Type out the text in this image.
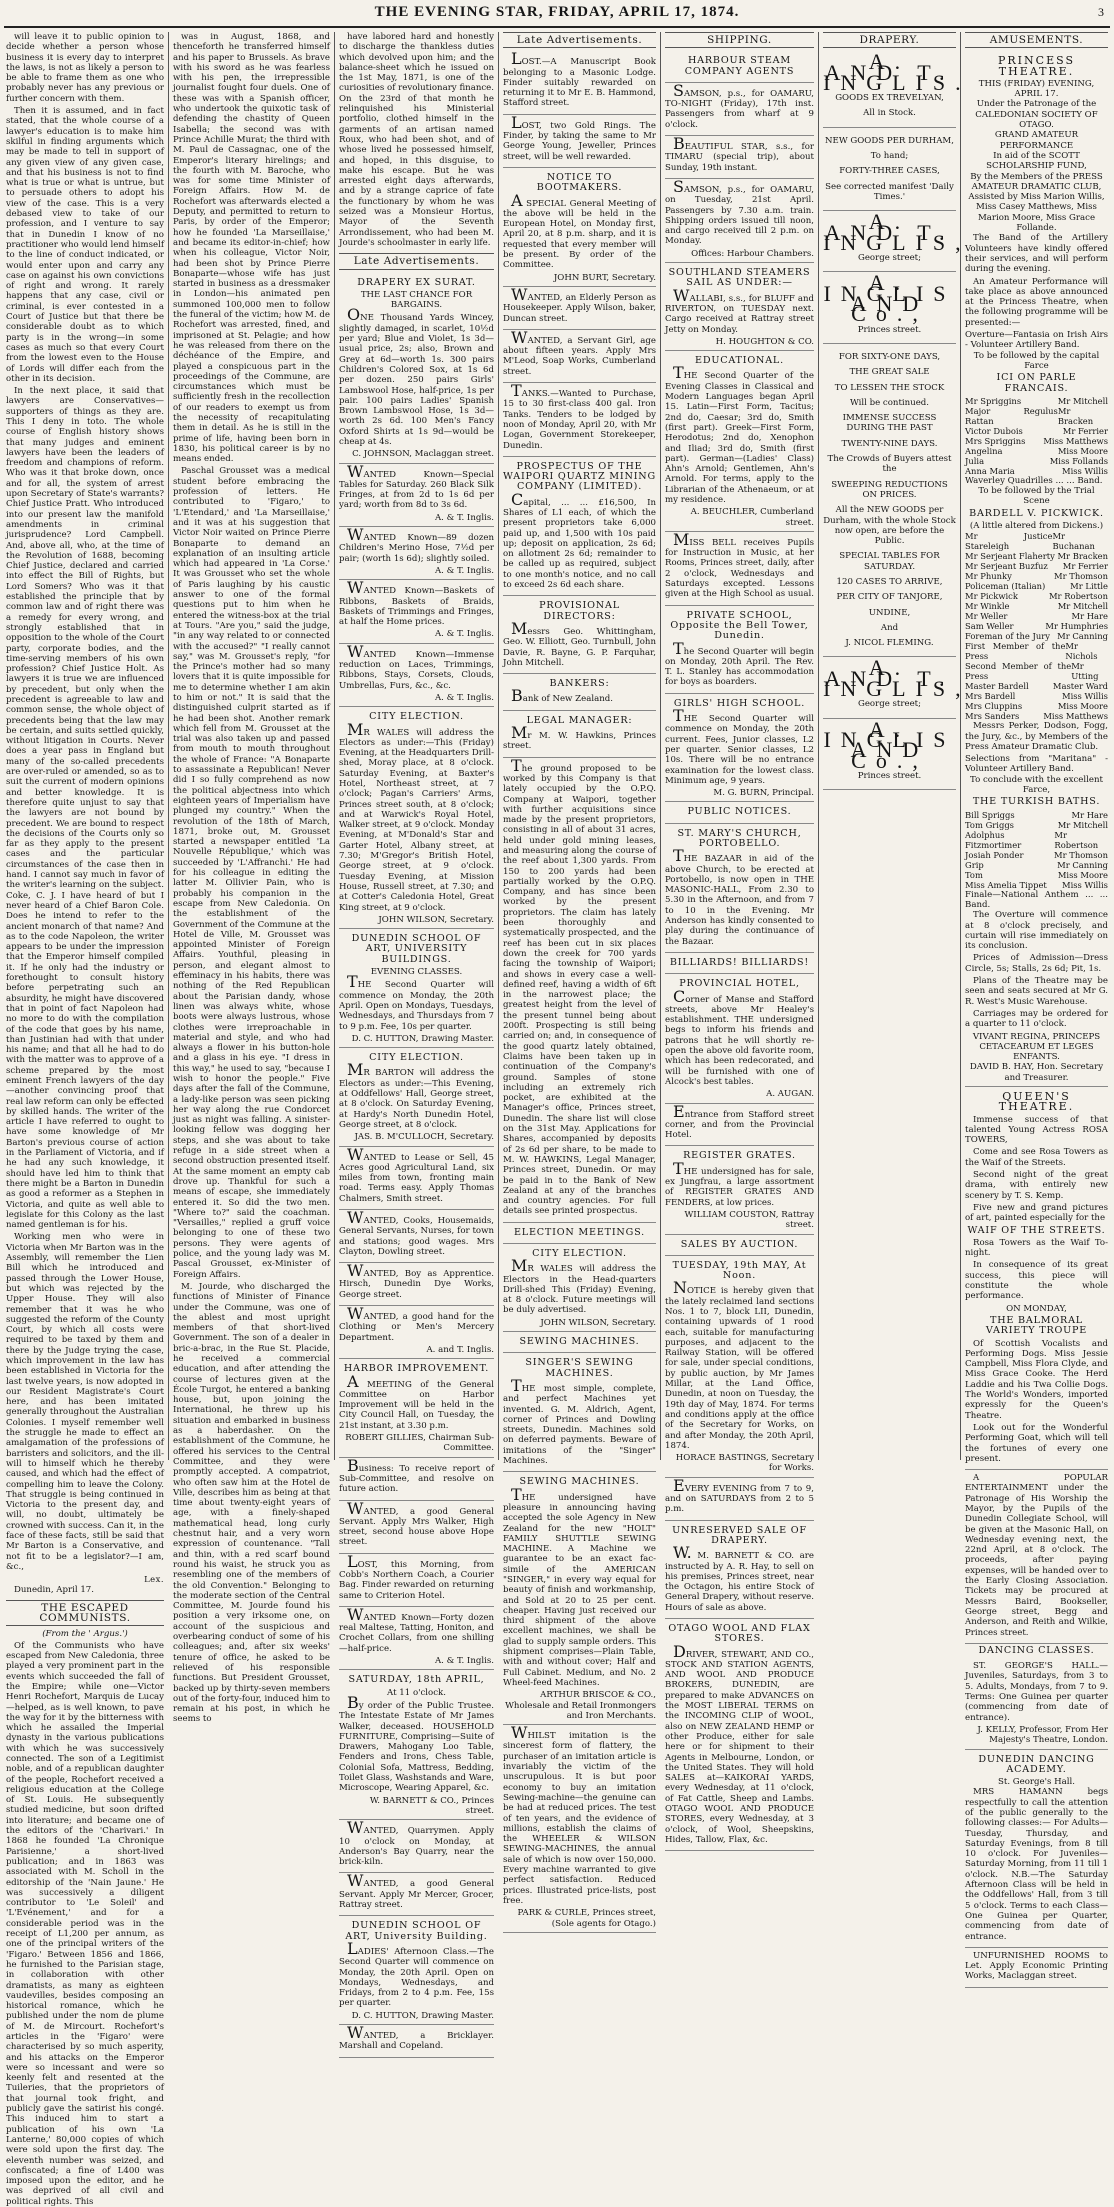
THE EVENING STAR, FRIDAY, APRIL 17, 1874.	3

will leave it to public opinion to decide whether a person whose business it is every day to interpret the laws, is not as likely a person to be able to frame them as one who probably never has any previous or further concern with them.

Then it is assumed, and in fact stated, that the whole course of a lawyer's education is to make him skilful in finding arguments which may be made to tell in support of any given view of any given case, and that his business is not to find what is true or what is untrue, but to persuade others to adopt his view of the case. This is a very debased view to take of our profession, and I venture to say that in Dunedin I know of no practitioner who would lend himself to the line of conduct indicated, or would enter upon and carry any case on against his own convictions of right and wrong. It rarely happens that any case, civil or criminal, is ever contested in a Court of Justice but that there be considerable doubt as to which party is in the wrong—in some cases as much so that every Court from the lowest even to the House of Lords will differ each from the other in its decision.

In the next place, it said that lawyers are Conservatives—supporters of things as they are. This I deny in toto. The whole course of English history shows that many judges and eminent lawyers have been the leaders of freedom and champions of reform. Who was it that broke down, once and for all, the system of arrest upon Secretary of State's warrants? Chief Justice Pratt. Who introduced into our present law the manifold amendments in criminal jurisprudence? Lord Campbell. And, above all, who, at the time of the Revolution of 1688, becoming Chief Justice, declared and carried into effect the Bill of Rights, but Lord Somers? Who was it that established the principle that by common law and of right there was a remedy for every wrong, and strongly established that in opposition to the whole of the Court party, corporate bodies, and the time-serving members of his own profession? Chief Justice Holt. As lawyers it is true we are influenced by precedent, but only when the precedent is agreeable to law and common sense, the whole object of precedents being that the law may be certain, and suits settled quickly, without litigation in Courts. Never does a year pass in England but many of the so-called precedents are over-ruled or amended, so as to suit the current of modern opinions and better knowledge. It is therefore quite unjust to say that the lawyers are not bound by precedent. We are bound to respect the decisions of the Courts only so far as they apply to the present cases and the particular circumstances of the case then in hand. I cannot say much in favor of the writer's learning on the subject. Coke, C. J. I have heard of but I never heard of a Chief Baron Cole. Does he intend to refer to the ancient monarch of that name? And as to the code Napoleon, the writer appears to be under the impression that the Emperor himself compiled it. If he only had the industry or forethought to consult history before perpetrating such an absurdity, he might have discovered that in point of fact Napoleon had no more to do with the compilation of the code that goes by his name, than Justinian had with that under his name; and that all he had to do with the matter was to approve of a scheme prepared by the most eminent French lawyers of the day—another convincing proof that real law reform can only be effected by skilled hands. The writer of the article I have referred to ought to have some knowledge of Mr Barton's previous course of action in the Parliament of Victoria, and if he had any such knowledge, it should have led him to think that there might be a Barton in Dunedin as good a reformer as a Stephen in Victoria, and quite as well able to legislate for this Colony as the last named gentleman is for his.

Working men who were in Victoria when Mr Barton was in the Assembly, will remember the Lien Bill which he introduced and passed through the Lower House, but which was rejected by the Upper House. They will also remember that it was he who suggested the reform of the County Court, by which all costs were required to be taxed by them and there by the Judge trying the case, which improvement in the law has been established in Victoria for the last twelve years, is now adopted in our Resident Magistrate's Court here, and has been imitated generally throughout the Australian Colonies. I myself remember well the struggle he made to effect an amalgamation of the professions of barristers and solicitors, and the ill-will to himself which he thereby caused, and which had the effect of compelling him to leave the Colony. That struggle is being continued in Victoria to the present day, and will, no doubt, ultimately be crowned with success. Can it, in the face of these facts, still be said that Mr Barton is a Conservative, and not fit to be a legislator?—I am, &c.,

Lex.
Dunedin, April 17.
THE ESCAPED COMMUNISTS.
(From the ' Argus.')

Of the Communists who have escaped from New Caledonia, three played a very prominent part in the events which succeeded the fall of the Empire; while one—Victor Henri Rochefort, Marquis de Lucay—helped, as is well known, to pave the way for it by the bitterness with which he assailed the Imperial dynasty in the various publications with which he was successively connected. The son of a Legitimist noble, and of a republican daughter of the people, Rochefort received a religious education at the College of St. Louis. He subsequently studied medicine, but soon drifted into literature; and became one of the editors of the 'Charivari.' In 1868 he founded 'La Chronique Parisienne,' a short-lived publication; and in 1863 was associated with M. Scholl in the editorship of the 'Nain Jaune.' He was successively a diligent contributor to 'Le Soleil' and 'L'Evénement,' and for a considerable period was in the receipt of L1,200 per annum, as one of the principal writers of the 'Figaro.' Between 1856 and 1866, he furnished to the Parisian stage, in collaboration with other dramatists, as many as eighteen vaudevilles, besides composing an historical romance, which he published under the nom de plume of M. de Mircourt. Rochefort's articles in the 'Figaro' were characterised by so much asperity, and his attacks on the Emperor were so incessant and were so keenly felt and resented at the Tuileries, that the proprietors of that journal took fright, and publicly gave the satirist his congé. This induced him to start a publication of his own 'La Lanterne,' 80,000 copies of which were sold upon the first day. The eleventh number was seized, and confiscated; a fine of L400 was imposed upon the editor, and he was deprived of all civil and political rights. This

was in August, 1868, and thenceforth he transferred himself and his paper to Brussels. As brave with his sword as he was fearless with his pen, the irrepressible journalist fought four duels. One of these was with a Spanish officer, who undertook the quixotic task of defending the chastity of Queen Isabella; the second was with Prince Achille Murat; the third with M. Paul de Cassagnac, one of the Emperor's literary hirelings; and the fourth with M. Baroche, who was for some time Minister of Foreign Affairs. How M. de Rochefort was afterwards elected a Deputy, and permitted to return to Paris, by order of the Emperor; how he founded 'La Marseillaise,' and became its editor-in-chief; how when his colleague, Victor Noir, had been shot by Prince Pierre Bonaparte—whose wife has just started in business as a dressmaker in London—his animated pen summoned 100,000 men to follow the funeral of the victim; how M. de Rochefort was arrested, fined, and imprisoned at St. Pelagie; and how he was released from there on the déchéance of the Empire, and played a conspicuous part in the proceedings of the Commune, are circumstances which must be sufficiently fresh in the recollection of our readers to exempt us from the necessity of recapitulating them in detail. As he is still in the prime of life, having been born in 1830, his political career is by no means ended.

Paschal Grousset was a medical student before embracing the profession of letters. He contributed to 'Figaro,' to 'L'Etendard,' and 'La Marseillaise,' and it was at his suggestion that Victor Noir waited on Prince Pierre Bonaparte to demand an explanation of an insulting article which had appeared in 'La Corse.' It was Grousset who set the whole of Paris laughing by his caustic answer to one of the formal questions put to him when he entered the witness-box at the trial at Tours. "Are you," said the judge, "in any way related to or connected with the accused?" "I really cannot say," was M. Grousset's reply, "for the Prince's mother had so many lovers that it is quite impossible for me to determine whether I am akin to him or not." It is said that the distinguished culprit started as if he had been shot. Another remark which fell from M. Grousset at the trial was also taken up and passed from mouth to mouth throughout the whole of France: "A Bonaparte to assassinate a Republican! Never did I so fully comprehend as now the political abjectness into which eighteen years of Imperialism have plunged my country." When the revolution of the 18th of March, 1871, broke out, M. Grousset started a newspaper entitled 'La Nouvelle République,' which was succeeded by 'L'Affranchi.' He had for his colleague in editing the latter M. Ollivier Pain, who is probably his companion in the escape from New Caledonia. On the establishment of the Government of the Commune at the Hotel de Ville, M. Grousset was appointed Minister of Foreign Affairs. Youthful, pleasing in person, and elegant almost to effeminacy in his habits, there was nothing of the Red Republican about the Parisian dandy, whose linen was always white, whose boots were always lustrous, whose clothes were irreproachable in material and style, and who had always a flower in his button-hole and a glass in his eye. "I dress in this way," he used to say, "because I wish to honor the people." Five days after the fall of the Commune, a lady-like person was seen picking her way along the rue Condorcet just as night was falling. A sinister-looking fellow was dogging her steps, and she was about to take refuge in a side street when a second obstruction presented itself. At the same moment an empty cab drove up. Thankful for such a means of escape, she immediately entered it. So did the two men. "Where to?" said the coachman. "Versailles," replied a gruff voice belonging to one of these two persons. They were agents of police, and the young lady was M. Pascal Grousset, ex-Minister of Foreign Affairs.

M. Jourde, who discharged the functions of Minister of Finance under the Commune, was one of the ablest and most upright members of that short-lived Government. The son of a dealer in bric-a-brac, in the Rue St. Placide, he received a commercial education, and after attending the course of lectures given at the École Turgot, he entered a banking house, but, upon joining the International, he threw up his situation and embarked in business as a haberdasher. On the establishment of the Commune, he offered his services to the Central Committee, and they were promptly accepted. A compatriot, who often saw him at the Hotel de Ville, describes him as being at that time about twenty-eight years of age, with a finely-shaped mathematical head, long curly chestnut hair, and a very worn expression of countenance. "Tall and thin, with a red scarf bound round his waist, he struck you as resembling one of the members of the old Convention." Belonging to the moderate section of the Central Committee, M. Jourde found his position a very irksome one, on account of the suspicious and overbearing conduct of some of his colleagues; and, after six weeks' tenure of office, he asked to be relieved of his responsible functions. But President Grousset, backed up by thirty-seven members out of the forty-four, induced him to remain at his post, in which he seems to

have labored hard and honestly to discharge the thankless duties which devolved upon him; and the balance-sheet which he issued on the 1st May, 1871, is one of the curiosities of revolutionary finance. On the 23rd of that month he relinquished his Ministerial portfolio, clothed himself in the garments of an artisan named Roux, who had been shot, and of whose lived he possessed himself, and hoped, in this disguise, to make his escape. But he was arrested eight days afterwards, and by a strange caprice of fate the functionary by whom he was seized was a Monsieur Hortus, Mayor of the Seventh Arrondissement, who had been M. Jourde's schoolmaster in early life.

Late Advertisements.
DRAPERY EX SURAT.
THE LAST CHANCE FOR BARGAINS.

ONE Thousand Yards Wincey, slightly damaged, in scarlet, 10½d per yard; Blue and Violet, 1s 3d—usual price, 2s; also, Brown and Grey at 6d—worth 1s. 300 pairs Children's Colored Sox, at 1s 6d per dozen. 250 pairs Girls' Lambswool Hose, half-price, 1s per pair. 100 pairs Ladies' Spanish Brown Lambswool Hose, 1s 3d—worth 2s 6d. 100 Men's Fancy Oxford Shirts at 1s 9d—would be cheap at 4s.

C. JOHNSON, Maclaggan street.

WANTED Known—Special Tables for Saturday. 260 Black Silk Fringes, at from 2d to 1s 6d per yard; worth from 8d to 3s 6d.

A. & T. Inglis.

WANTED Known—89 dozen Children's Merino Hose, 7½d per pair; (worth 1s 6d); slightly soiled.

A. & T. Inglis.

WANTED Known—Baskets of Ribbons, Baskets of Braids, Baskets of Trimmings and Fringes, at half the Home prices.

A. & T. Inglis.

WANTED Known—Immense reduction on Laces, Trimmings, Ribbons, Stays, Corsets, Clouds, Umbrellas, Furs, &c., &c.

A. & T. Inglis.
CITY ELECTION.

MR WALES will address the Electors as under:—This (Friday) Evening, at the Headquarters Drill-shed, Moray place, at 8 o'clock. Saturday Evening, at Baxter's Hotel, Northeast street, at 7 o'clock; Pagan's Carriers' Arms, Princes street south, at 8 o'clock; and at Warwick's Royal Hotel, Walker street, at 9 o'clock. Monday Evening, at M'Donald's Star and Garter Hotel, Albany street, at 7.30; M'Gregor's British Hotel, George street, at 9 o'clock. Tuesday Evening, at Mission House, Russell street, at 7.30; and at Cotter's Caledonia Hotel, Great King street, at 9 o'clock.

JOHN WILSON, Secretary.
DUNEDIN SCHOOL OF ART, UNIVERSITY BUILDINGS.
EVENING CLASSES.

THE Second Quarter will commence on Monday, the 20th April. Open on Mondays, Tuesdays, Wednesdays, and Thursdays from 7 to 9 p.m. Fee, 10s per quarter.

D. C. HUTTON, Drawing Master.
CITY ELECTION.

MR BARTON will address the Electors as under:—This Evening, at Oddfellows' Hall, George street, at 8 o'clock. On Saturday Evening, at Hardy's North Dunedin Hotel, George street, at 8 o'clock.

JAS. B. M'CULLOCH, Secretary.

WANTED to Lease or Sell, 45 Acres good Agricultural Land, six miles from town, fronting main road. Terms easy. Apply Thomas Chalmers, Smith street.

WANTED, Cooks, Housemaids, General Servants, Nurses, for town and stations; good wages. Mrs Clayton, Dowling street.

WANTED, Boy as Apprentice. Hirsch, Dunedin Dye Works, George street.

WANTED, a good hand for the Clothing or Men's Mercery Department.

A. and T. Inglis.
HARBOR IMPROVEMENT.

A MEETING of the General Committee on Harbor Improvement will be held in the City Council Hall, on Tuesday, the 21st instant, at 3.30 p.m.

ROBERT GILLIES, Chairman Sub-Committee.

Business: To receive report of Sub-Committee, and resolve on future action.

WANTED, a good General Servant. Apply Mrs Walker, High street, second house above Hope street.

LOST, this Morning, from Cobb's Northern Coach, a Courier Bag. Finder rewarded on returning same to Criterion Hotel.

WANTED Known—Forty dozen real Maltese, Tatting, Honiton, and Crochet Collars, from one shilling—half-price.

A. & T. Inglis.
SATURDAY, 18th APRIL,
At 11 o'clock.

By order of the Public Trustee. The Intestate Estate of Mr James Walker, deceased. HOUSEHOLD FURNITURE, Comprising—Suite of Drawers, Mahogany Loo Table, Fenders and Irons, Chess Table, Colonial Sofa, Mattress, Bedding, Toilet Glass, Washstands and Ware, Microscope, Wearing Apparel, &c.

W. BARNETT & CO., Princes street.

WANTED, Quarrymen. Apply 10 o'clock on Monday, at Anderson's Bay Quarry, near the brick-kiln.

WANTED, a good General Servant. Apply Mr Mercer, Grocer, Rattray street.

DUNEDIN SCHOOL OF ART, University Building.

LADIES' Afternoon Class.—The Second Quarter will commence on Monday, the 20th April. Open on Mondays, Wednesdays, and Fridays, from 2 to 4 p.m. Fee, 15s per quarter.

D. C. HUTTON, Drawing Master.

WANTED, a Bricklayer. Marshall and Copeland.

Late Advertisements.

LOST.—A Manuscript Book belonging to a Masonic Lodge. Finder suitably rewarded on returning it to Mr E. B. Hammond, Stafford street.

LOST, two Gold Rings. The Finder, by taking the same to Mr George Young, Jeweller, Princes street, will be well rewarded.

NOTICE TO BOOTMAKERS.

A SPECIAL General Meeting of the above will be held in the European Hotel, on Monday first, April 20, at 8 p.m. sharp, and it is requested that every member will be present. By order of the Committee.

JOHN BURT, Secretary.

WANTED, an Elderly Person as Housekeeper. Apply Wilson, baker, Duncan street.

WANTED, a Servant Girl, age about fifteen years. Apply Mrs M'Leod, Soap Works, Cumberland street.

TANKS.—Wanted to Purchase, 15 to 30 first-class 400 gal. Iron Tanks. Tenders to be lodged by noon of Monday, April 20, with Mr Logan, Government Storekeeper, Dunedin.

PROSPECTUS OF THE WAIPORI QUARTZ MINING COMPANY (LIMITED).

Capital, ... ... £16,500, In Shares of L1 each, of which the present proprietors take 6,000 paid up, and 1,500 with 10s paid up; deposit on application, 2s 6d; on allotment 2s 6d; remainder to be called up as required, subject to one month's notice, and no call to exceed 2s 6d each share.

PROVISIONAL DIRECTORS:

Messrs Geo. Whittingham, Geo. W. Elliott, Geo. Turnbull, John Davie, R. Bayne, G. P. Farquhar, John Mitchell.

BANKERS:

Bank of New Zealand.

LEGAL MANAGER:

Mr M. W. Hawkins, Princes street.

The ground proposed to be worked by this Company is that lately occupied by the O.P.Q. Company at Waipori, together with further acquisitions since made by the present proprietors, consisting in all of about 31 acres, held under gold mining leases, and measuring along the course of the reef about 1,300 yards. From 150 to 200 yards had been partially worked by the O.P.Q. Company, and has since been worked by the present proprietors. The claim has lately been thoroughly and systematically prospected, and the reef has been cut in six places down the creek for 700 yards facing the township of Waipori; and shows in every case a well-defined reef, having a width of 6ft in the narrowest place; the greatest height from the level of the present tunnel being about 200ft. Prospecting is still being carried on; and, in consequence of the good quartz lately obtained, Claims have been taken up in continuation of the Company's ground. Samples of stone including an extremely rich pocket, are exhibited at the Manager's office, Princes street, Dunedin. The share list will close on the 31st May. Applications for Shares, accompanied by deposits of 2s 6d per share, to be made to M. W. HAWKINS, Legal Manager, Princes street, Dunedin. Or may be paid in to the Bank of New Zealand at any of the branches and country agencies. For full details see printed prospectus.

ELECTION MEETINGS.
CITY ELECTION.

MR WALES will address the Electors in the Head-quarters Drill-shed This (Friday) Evening, at 8 o'clock. Future meetings will be duly advertised.

JOHN WILSON, Secretary.
SEWING MACHINES.
SINGER'S SEWING MACHINES.

THE most simple, complete, and perfect Machines yet invented. G. M. Aldrich, Agent, corner of Princes and Dowling streets, Dunedin. Machines sold on deferred payments. Beware of imitations of the "Singer" Machines.

SEWING MACHINES.

THE undersigned have pleasure in announcing having accepted the sole Agency in New Zealand for the new "HOLT" FAMILY SHUTTLE SEWING MACHINE. A Machine we guarantee to be an exact fac-simile of the AMERICAN "SINGER," in every way equal for beauty of finish and workmanship, and Sold at 20 to 25 per cent. cheaper. Having just received our third shipment of the above excellent machines, we shall be glad to supply sample orders. This shipment comprises—Plain Table, with and without cover; Half and Full Cabinet. Medium, and No. 2 Wheel-feed Machines.

ARTHUR BRISCOE & CO., Wholesale and Retail Ironmongers and Iron Merchants.

WHILST imitation is the sincerest form of flattery, the purchaser of an imitation article is invariably the victim of the unscrupulous. It is but poor economy to buy an imitation Sewing-machine—the genuine can be had at reduced prices. The test of ten years, and the evidence of millions, establish the claims of the WHEELER & WILSON SEWING-MACHINES, the annual sale of which is now over 150,000. Every machine warranted to give perfect satisfaction. Reduced prices. Illustrated price-lists, post free.

PARK & CURLE, Princes street, (Sole agents for Otago.)
SHIPPING.
HARBOUR STEAM COMPANY AGENTS

SAMSON, p.s., for OAMARU, TO-NIGHT (Friday), 17th inst. Passengers from wharf at 9 o'clock.

BEAUTIFUL STAR, s.s., for TIMARU (special trip), about Sunday, 19th instant.

SAMSON, p.s., for OAMARU, on Tuesday, 21st April. Passengers by 7.30 a.m. train. Shipping orders issued till noon, and cargo received till 2 p.m. on Monday.

Offices: Harbour Chambers.
SOUTHLAND STEAMERS SAIL AS UNDER:—

WALLABI, s.s., for BLUFF and RIVERTON, on TUESDAY next. Cargo received at Rattray street Jetty on Monday.

H. HOUGHTON & CO.
EDUCATIONAL.

THE Second Quarter of the Evening Classes in Classical and Modern Languages began April 15. Latin—First Form, Tacitus; 2nd do, Caesar; 3rd do, Smith (first part). Greek—First Form, Herodotus; 2nd do, Xenophon and Iliad; 3rd do, Smith (first part). German—(Ladies' Class) Ahn's Arnold; Gentlemen, Ahn's Arnold. For terms, apply to the Librarian of the Athenaeum, or at my residence.

A. BEUCHLER, Cumberland street.

MISS BELL receives Pupils for Instruction in Music, at her Rooms, Princes street, daily, after 2 o'clock, Wednesdays and Saturdays excepted. Lessons given at the High School as usual.

PRIVATE SCHOOL, Opposite the Bell Tower, Dunedin.

The Second Quarter will begin on Monday, 20th April. The Rev. T. L. Stanley has accommodation for boys as boarders.

GIRLS' HIGH SCHOOL.

THE Second Quarter will commence on Monday, the 20th current. Fees, Junior classes, L2 per quarter. Senior classes, L2 10s. There will be no entrance examination for the lowest class. Minimum age, 9 years.

M. G. BURN, Principal.
PUBLIC NOTICES.
ST. MARY'S CHURCH, PORTOBELLO.

THE BAZAAR in aid of the above Church, to be erected at Portobello, is now open in THE MASONIC-HALL, From 2.30 to 5.30 in the Afternoon, and from 7 to 10 in the Evening. Mr Anderson has kindly consented to play during the continuance of the Bazaar.

BILLIARDS! BILLIARDS!
PROVINCIAL HOTEL,

Corner of Manse and Stafford streets, above Mr Healey's establishment. THE undersigned begs to inform his friends and patrons that he will shortly re-open the above old favorite room, which has been redecorated, and will be furnished with one of Alcock's best tables.

A. AUGAN.

Entrance from Stafford street corner, and from the Provincial Hotel.

REGISTER GRATES.

THE undersigned has for sale, ex Jungfrau, a large assortment of REGISTER GRATES AND FENDERS, at low prices.

WILLIAM COUSTON, Rattray street.
SALES BY AUCTION.
TUESDAY, 19th MAY, At Noon.

NOTICE is hereby given that the lately reclaimed land sections Nos. 1 to 7, block LII, Dunedin, containing upwards of 1 rood each, suitable for manufacturing purposes, and adjacent to the Railway Station, will be offered for sale, under special conditions, by public auction, by Mr James Millar, at the Land Office, Dunedin, at noon on Tuesday, the 19th day of May, 1874. For terms and conditions apply at the office of the Secretary for Works, on and after Monday, the 20th April, 1874.

HORACE BASTINGS, Secretary for Works.

EVERY EVENING from 7 to 9, and on SATURDAYS from 2 to 5 p.m.

UNRESERVED SALE OF DRAPERY.

W. M. BARNETT & CO. are instructed by A. R. Hay, to sell on his premises, Princes street, near the Octagon, his entire Stock of General Drapery, without reserve. Hours of sale as above.

OTAGO WOOL AND FLAX STORES.

DRIVER, STEWART, AND CO., STOCK AND STATION AGENTS, AND WOOL AND PRODUCE BROKERS, DUNEDIN, are prepared to make ADVANCES on the MOST LIBERAL TERMS on the INCOMING CLIP of WOOL, also on NEW ZEALAND HEMP or other Produce, either for sale here or for shipment to their Agents in Melbourne, London, or the United States. They will hold SALES at—KAIKORAI YARDS, every Wednesday, at 11 o'clock, of Fat Cattle, Sheep and Lambs. OTAGO WOOL AND PRODUCE STORES, every Wednesday, at 3 o'clock, of Wool, Sheepskins, Hides, Tallow, Flax, &c.

DRAPERY.
A. AND T. INGLIS.
GOODS EX TREVELYAN,
All in Stock.
NEW GOODS PER DURHAM,
To hand;
FORTY-THREE CASES,
See corrected manifest 'Daily Times.'
A. AND T. INGLIS,
George street;
A. INGLIS AND Co.,
Princes street.
FOR SIXTY-ONE DAYS,
THE GREAT SALE
TO LESSEN THE STOCK
Will be continued.
IMMENSE SUCCESS DURING THE PAST
TWENTY-NINE DAYS.
The Crowds of Buyers attest the
SWEEPING REDUCTIONS ON PRICES.
All the NEW GOODS per Durham, with the whole Stock now open, are before the Public.
SPECIAL TABLES FOR SATURDAY.
120 CASES TO ARRIVE,
PER CITY OF TANJORE,
UNDINE,
And
J. NICOL FLEMING.
A. AND T. INGLIS,
George street;
A. INGLIS AND Co.,
Princes street.
AMUSEMENTS.
PRINCESS THEATRE.
THIS (FRIDAY) EVENING, APRIL 17.
Under the Patronage of the CALEDONIAN SOCIETY OF OTAGO.
GRAND AMATEUR PERFORMANCE
In aid of the SCOTT SCHOLARSHIP FUND,
By the Members of the PRESS AMATEUR DRAMATIC CLUB,
Assisted by Miss Marion Willis, Miss Casey Matthews, Miss Marion Moore, Miss Grace Follande.

The Band of the Artillery Volunteers have kindly offered their services, and will perform during the evening.

An Amateur Performance will take place as above announced at the Princess Theatre, when the following programme will be presented:—

Overture—Fantasia on Irish Airs - Volunteer Artillery Band.
To be followed by the capital Farce
ICI ON PARLE FRANCAIS.
Mr Spriggins	Mr Mitchell
Major Regulus Rattan
Mr Bracken
Victor Dubois	Mr Ferrier
Mrs Spriggins Miss Matthews
Angelina	Miss Moore
Julia	Miss Follands
Anna Maria	Miss Willis
Waverley Quadrilles ... ... Band.
To be followed by the Trial Scene
BARDELL V. PICKWICK.
(A little altered from Dickens.)
Mr Justice Stareleigh
Mr Buchanan
Mr Serjeant Flaherty Mr Bracken
Mr Serjeant Buzfuz Mr Ferrier
Mr Phunky	Mr Thomson
Policeman (Italian)	Mr Little
Mr Pickwick	Mr Robertson
Mr Winkle	Mr Mitchell
Mr Weller	Mr Hare
Sam Weller	Mr Humphries
Foreman of the Jury Mr Canning
First Member of the Press
Mr Nichols
Second Member of the Press
Mr Utting
Master Bardell	Master Ward
Mrs Bardell	Miss Willis
Mrs Cluppins	Miss Moore
Mrs Sanders	Miss Matthews

Messrs Perker, Dodson, Fogg, the Jury, &c., by Members of the Press Amateur Dramatic Club.

Selections from "Maritana" - Volunteer Artillery Band.
To conclude with the excellent Farce,
THE TURKISH BATHS.
Bill Spriggs	Mr Hare
Tom Griggs	Mr Mitchell
Adolphus Fitzmortimer
Mr Robertson
Josiah Ponder	Mr Thomson
Grip	Mr Canning
Tom	Miss Moore
Miss Amelia Tippet Miss Willis
Finale—National Anthem ... ... Band.

The Overture will commence at 8 o'clock precisely, and curtain will rise immediately on its conclusion.

Prices of Admission—Dress Circle, 5s; Stalls, 2s 6d; Pit, 1s.

Plans of the Theatre may be seen and seats secured at Mr G. R. West's Music Warehouse.

Carriages may be ordered for a quarter to 11 o'clock.

VIVANT REGINA, PRINCEPS CETACEARUM ET LEGES ENFANTS.
DAVID B. HAY, Hon. Secretary and Treasurer.
QUEEN'S THEATRE.

Immense success of that talented Young Actress ROSA TOWERS,

Come and see Rosa Towers as the Waif of the Streets.

Second night of the great drama, with entirely new scenery by T. S. Kemp.

Five new and grand pictures of art, painted especially for the

WAIF OF THE STREETS.

Rosa Towers as the Waif To-night.

In consequence of its great success, this piece will constitute the whole performance.

ON MONDAY,
THE BALMORAL VARIETY TROUPE

Of Scottish Vocalists and Performing Dogs. Miss Jessie Campbell, Miss Flora Clyde, and Miss Grace Cooke. The Herd Laddie and his Twa Collie Dogs. The World's Wonders, imported expressly for the Queen's Theatre.

Look out for the Wonderful Performing Goat, which will tell the fortunes of every one present.

A POPULAR ENTERTAINMENT under the Patronage of His Worship the Mayor, by the Pupils of the Dunedin Collegiate School, will be given at the Masonic Hall, on Wednesday evening next, the 22nd April, at 8 o'clock. The proceeds, after paying expenses, will be handed over to the Early Closing Association. Tickets may be procured at Messrs Baird, Bookseller, George street, Begg and Anderson, and Reith and Wilkie, Princes street.

DANCING CLASSES.

ST. GEORGE'S HALL.—Juveniles, Saturdays, from 3 to 5. Adults, Mondays, from 7 to 9. Terms: One Guinea per quarter (commencing from date of entrance).

J. KELLY, Professor, From Her Majesty's Theatre, London.
DUNEDIN DANCING ACADEMY.
St. George's Hall.

MRS HAMANN begs respectfully to call the attention of the public generally to the following classes:— For Adults—Tuesday, Thursday, and Saturday Evenings, from 8 till 10 o'clock. For Juveniles—Saturday Morning, from 11 till 1 o'clock. N.B.—The Saturday Afternoon Class will be held in the Oddfellows' Hall, from 3 till 5 o'clock. Terms to each Class—One Guinea per Quarter, commencing from date of entrance.

UNFURNISHED ROOMS to Let. Apply Economic Printing Works, Maclaggan street.
